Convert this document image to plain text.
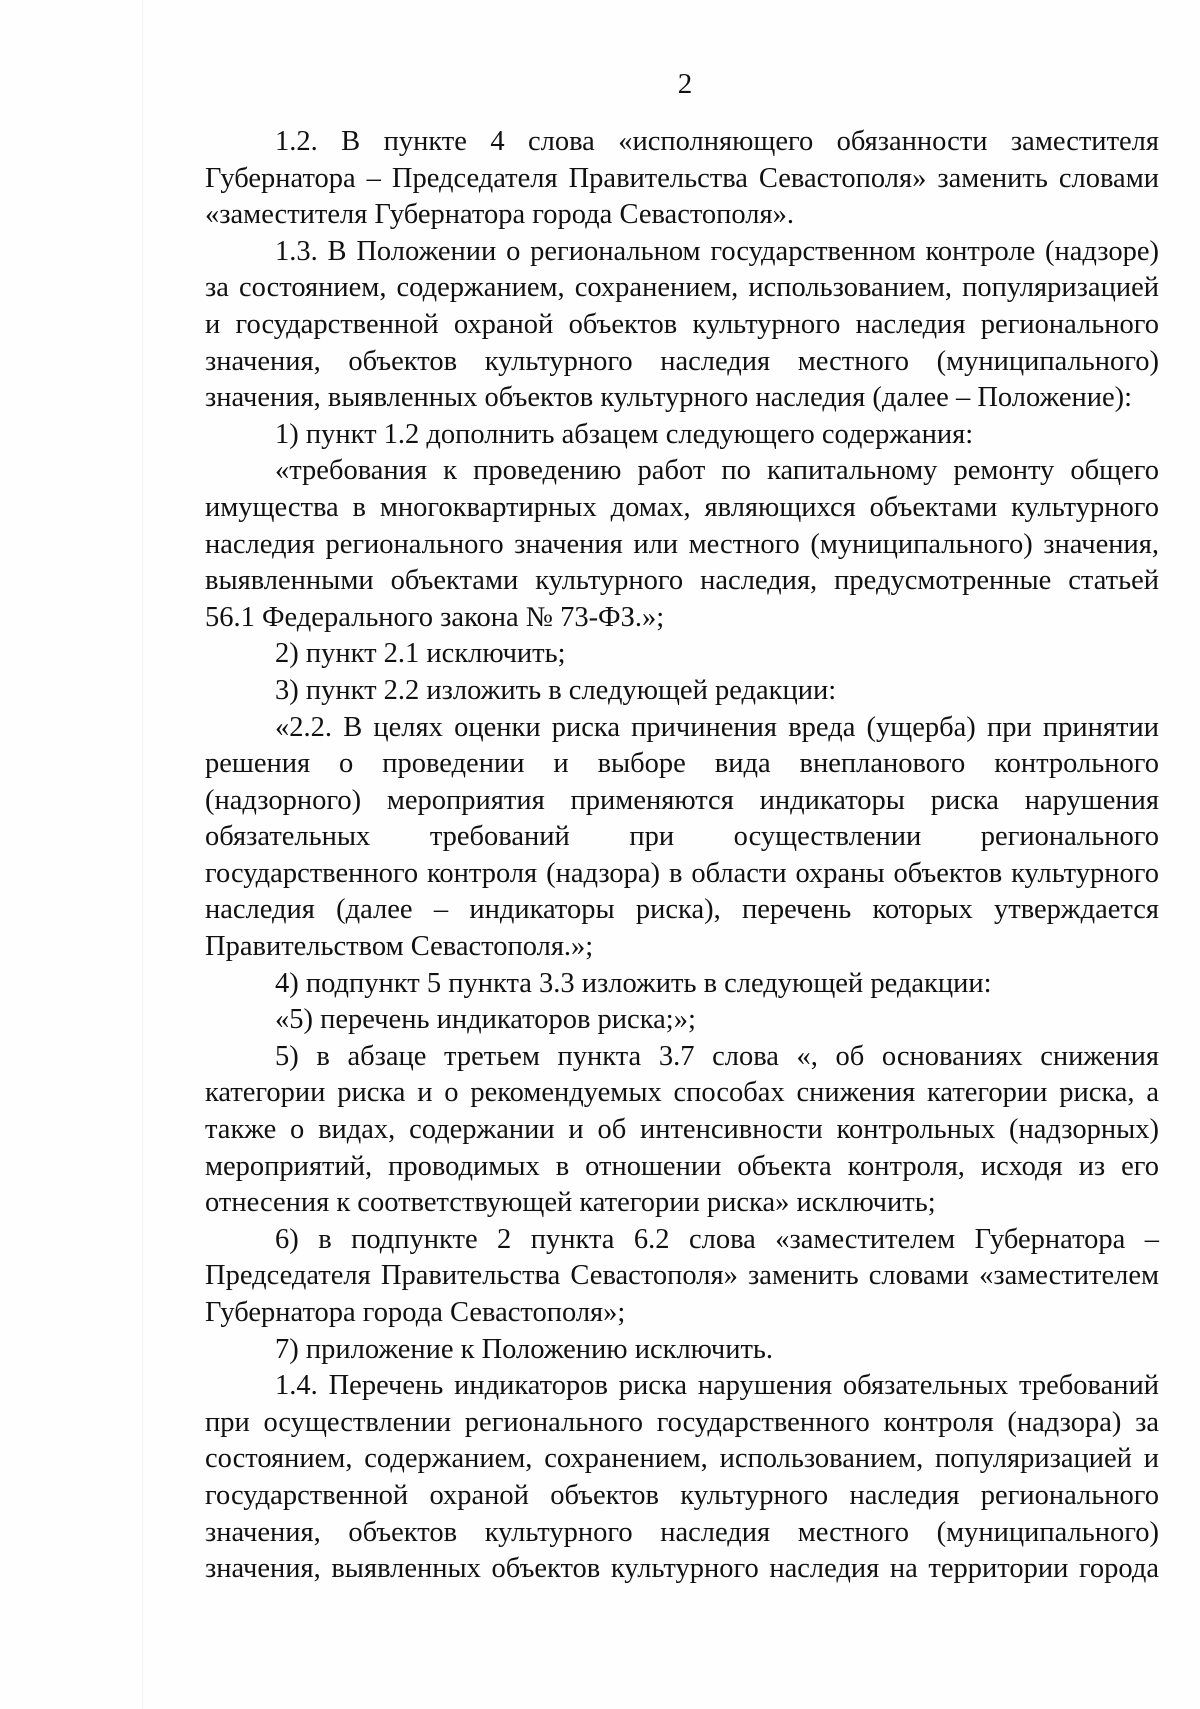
2

1.2. В пункте 4 слова «исполняющего обязанности заместителя Губернатора – Председателя Правительства Севастополя» заменить словами «заместителя Губернатора города Севастополя».

1.3. В Положении о региональном государственном контроле (надзоре) за состоянием, содержанием, сохранением, использованием, популяризацией и государственной охраной объектов культурного наследия регионального значения, объектов культурного наследия местного (муниципального) значения, выявленных объектов культурного наследия (далее – Положение):

1) пункт 1.2 дополнить абзацем следующего содержания:

«требования к проведению работ по капитальному ремонту общего имущества в многоквартирных домах, являющихся объектами культурного наследия регионального значения или местного (муниципального) значения, выявленными объектами культурного наследия, предусмотренные статьей 56.1 Федерального закона № 73-ФЗ.»;

2) пункт 2.1 исключить;

3) пункт 2.2 изложить в следующей редакции:

«2.2. В целях оценки риска причинения вреда (ущерба) при принятии решения о проведении и выборе вида внепланового контрольного (надзорного) мероприятия применяются индикаторы риска нарушения обязательных требований при осуществлении регионального государственного контроля (надзора) в области охраны объектов культурного наследия (далее – индикаторы риска), перечень которых утверждается Правительством Севастополя.»;

4) подпункт 5 пункта 3.3 изложить в следующей редакции:

«5) перечень индикаторов риска;»;

5) в абзаце третьем пункта 3.7 слова «, об основаниях снижения категории риска и о рекомендуемых способах снижения категории риска, а также о видах, содержании и об интенсивности контрольных (надзорных) мероприятий, проводимых в отношении объекта контроля, исходя из его отнесения к соответствующей категории риска» исключить;

6) в подпункте 2 пункта 6.2 слова «заместителем Губернатора – Председателя Правительства Севастополя» заменить словами «заместителем Губернатора города Севастополя»;

7) приложение к Положению исключить.

1.4. Перечень индикаторов риска нарушения обязательных требований при осуществлении регионального государственного контроля (надзора) за состоянием, содержанием, сохранением, использованием, популяризацией и государственной охраной объектов культурного наследия регионального значения, объектов культурного наследия местного (муниципального) значения, выявленных объектов культурного наследия на территории города
